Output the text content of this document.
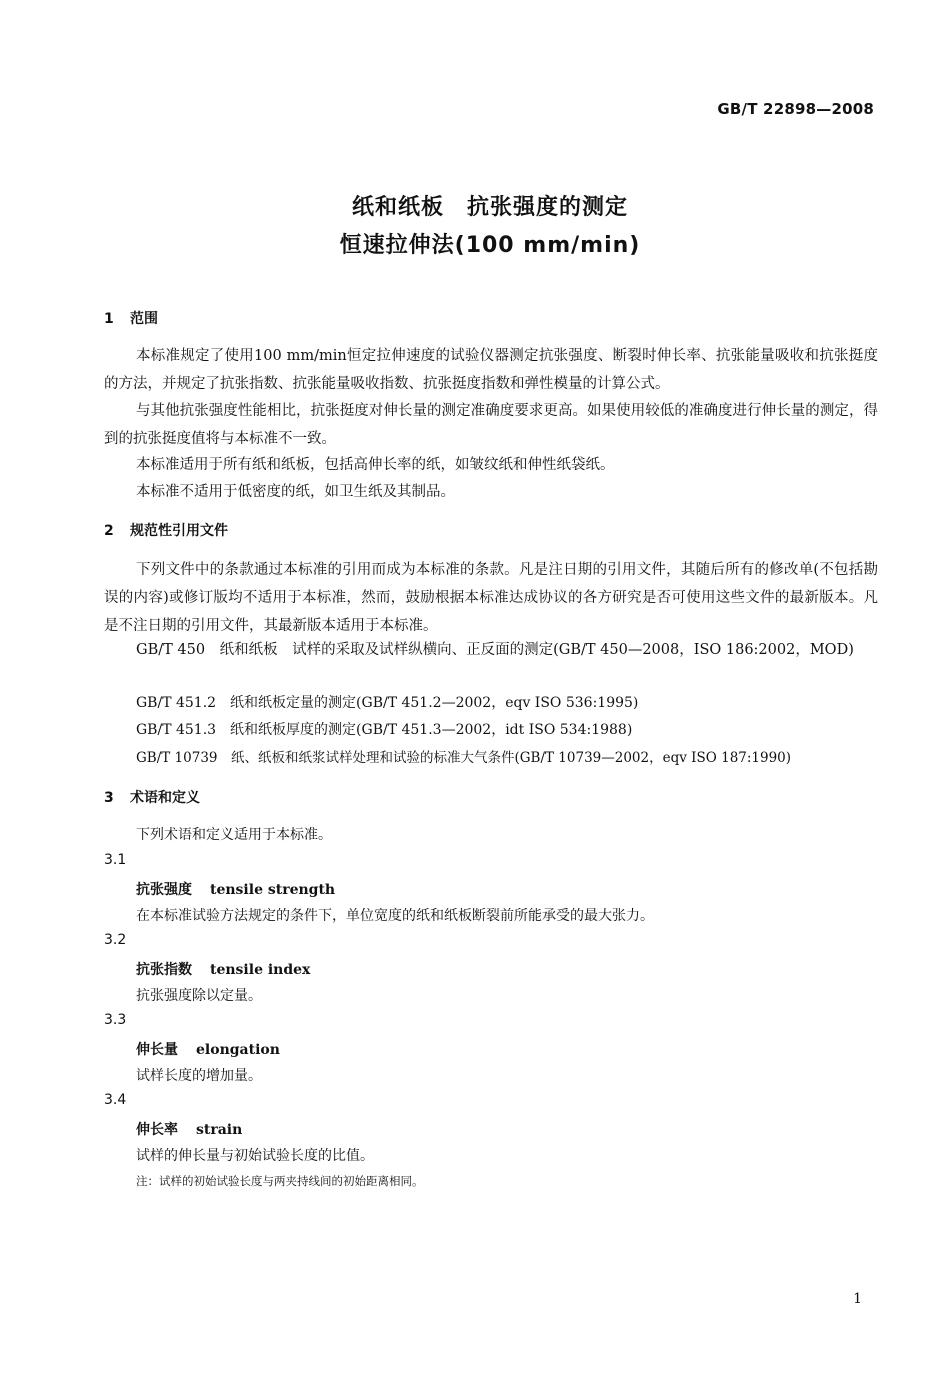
GB/T 22898—2008
纸和纸板　抗张强度的测定
恒速拉伸法(100 mm/min)
1 范围
本标准规定了使用100 mm/min恒定拉伸速度的试验仪器测定抗张强度、断裂时伸长率、抗张能量吸收和抗张挺度的方法，并规定了抗张指数、抗张能量吸收指数、抗张挺度指数和弹性模量的计算公式。
与其他抗张强度性能相比，抗张挺度对伸长量的测定准确度要求更高。如果使用较低的准确度进行伸长量的测定，得到的抗张挺度值将与本标准不一致。
本标准适用于所有纸和纸板，包括高伸长率的纸，如皱纹纸和伸性纸袋纸。
本标准不适用于低密度的纸，如卫生纸及其制品。
2 规范性引用文件
下列文件中的条款通过本标准的引用而成为本标准的条款。凡是注日期的引用文件，其随后所有的修改单(不包括勘误的内容)或修订版均不适用于本标准，然而，鼓励根据本标准达成协议的各方研究是否可使用这些文件的最新版本。凡是不注日期的引用文件，其最新版本适用于本标准。
GB/T 450　纸和纸板　试样的采取及试样纵横向、正反面的测定(GB/T 450—2008，ISO 186:2002，MOD)
GB/T 451.2　纸和纸板定量的测定(GB/T 451.2—2002，eqv ISO 536:1995)
GB/T 451.3　纸和纸板厚度的测定(GB/T 451.3—2002，idt ISO 534:1988)
GB/T 10739　纸、纸板和纸浆试样处理和试验的标准大气条件(GB/T 10739—2002，eqv ISO 187:1990)
3 术语和定义
下列术语和定义适用于本标准。
3.1
抗张强度 tensile strength
在本标准试验方法规定的条件下，单位宽度的纸和纸板断裂前所能承受的最大张力。
3.2
抗张指数 tensile index
抗张强度除以定量。
3.3
伸长量 elongation
试样长度的增加量。
3.4
伸长率 strain
试样的伸长量与初始试验长度的比值。
注：试样的初始试验长度与两夹持线间的初始距离相同。
1
